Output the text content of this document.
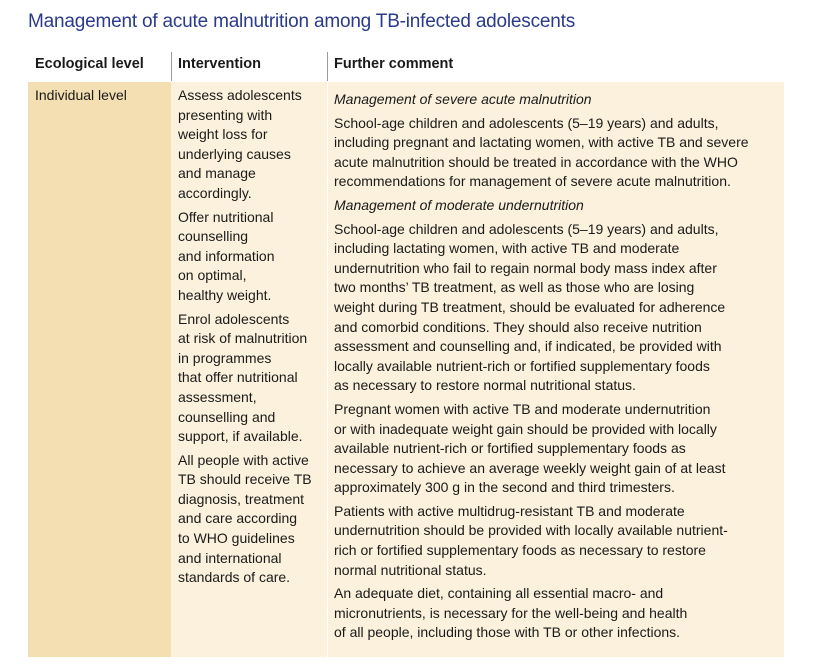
Management of acute malnutrition among TB-infected adolescents
Ecological level Intervention	Further comment
Individual level	Assess adolescents
presenting with
weight loss for
underlying causes
and manage
accordingly.

Offer nutritional
counselling
and information
on optimal,
healthy weight.

Enrol adolescents
at risk of malnutrition
in programmes
that offer nutritional
assessment,
counselling and
support, if available.

All people with active
TB should receive TB
diagnosis, treatment
and care according
to WHO guidelines
and international
standards of care.

Management of severe acute malnutrition

School-age children and adolescents (5–19 years) and adults,
including pregnant and lactating women, with active TB and severe
acute malnutrition should be treated in accordance with the WHO
recommendations for management of severe acute malnutrition.

Management of moderate undernutrition

School-age children and adolescents (5–19 years) and adults,
including lactating women, with active TB and moderate
undernutrition who fail to regain normal body mass index after
two months’ TB treatment, as well as those who are losing
weight during TB treatment, should be evaluated for adherence
and comorbid conditions. They should also receive nutrition
assessment and counselling and, if indicated, be provided with
locally available nutrient-rich or fortified supplementary foods
as necessary to restore normal nutritional status.

Pregnant women with active TB and moderate undernutrition
or with inadequate weight gain should be provided with locally
available nutrient-rich or fortified supplementary foods as
necessary to achieve an average weekly weight gain of at least
approximately 300 g in the second and third trimesters.

Patients with active multidrug-resistant TB and moderate
undernutrition should be provided with locally available nutrient-
rich or fortified supplementary foods as necessary to restore
normal nutritional status.

An adequate diet, containing all essential macro- and
micronutrients, is necessary for the well-being and health
of all people, including those with TB or other infections.
